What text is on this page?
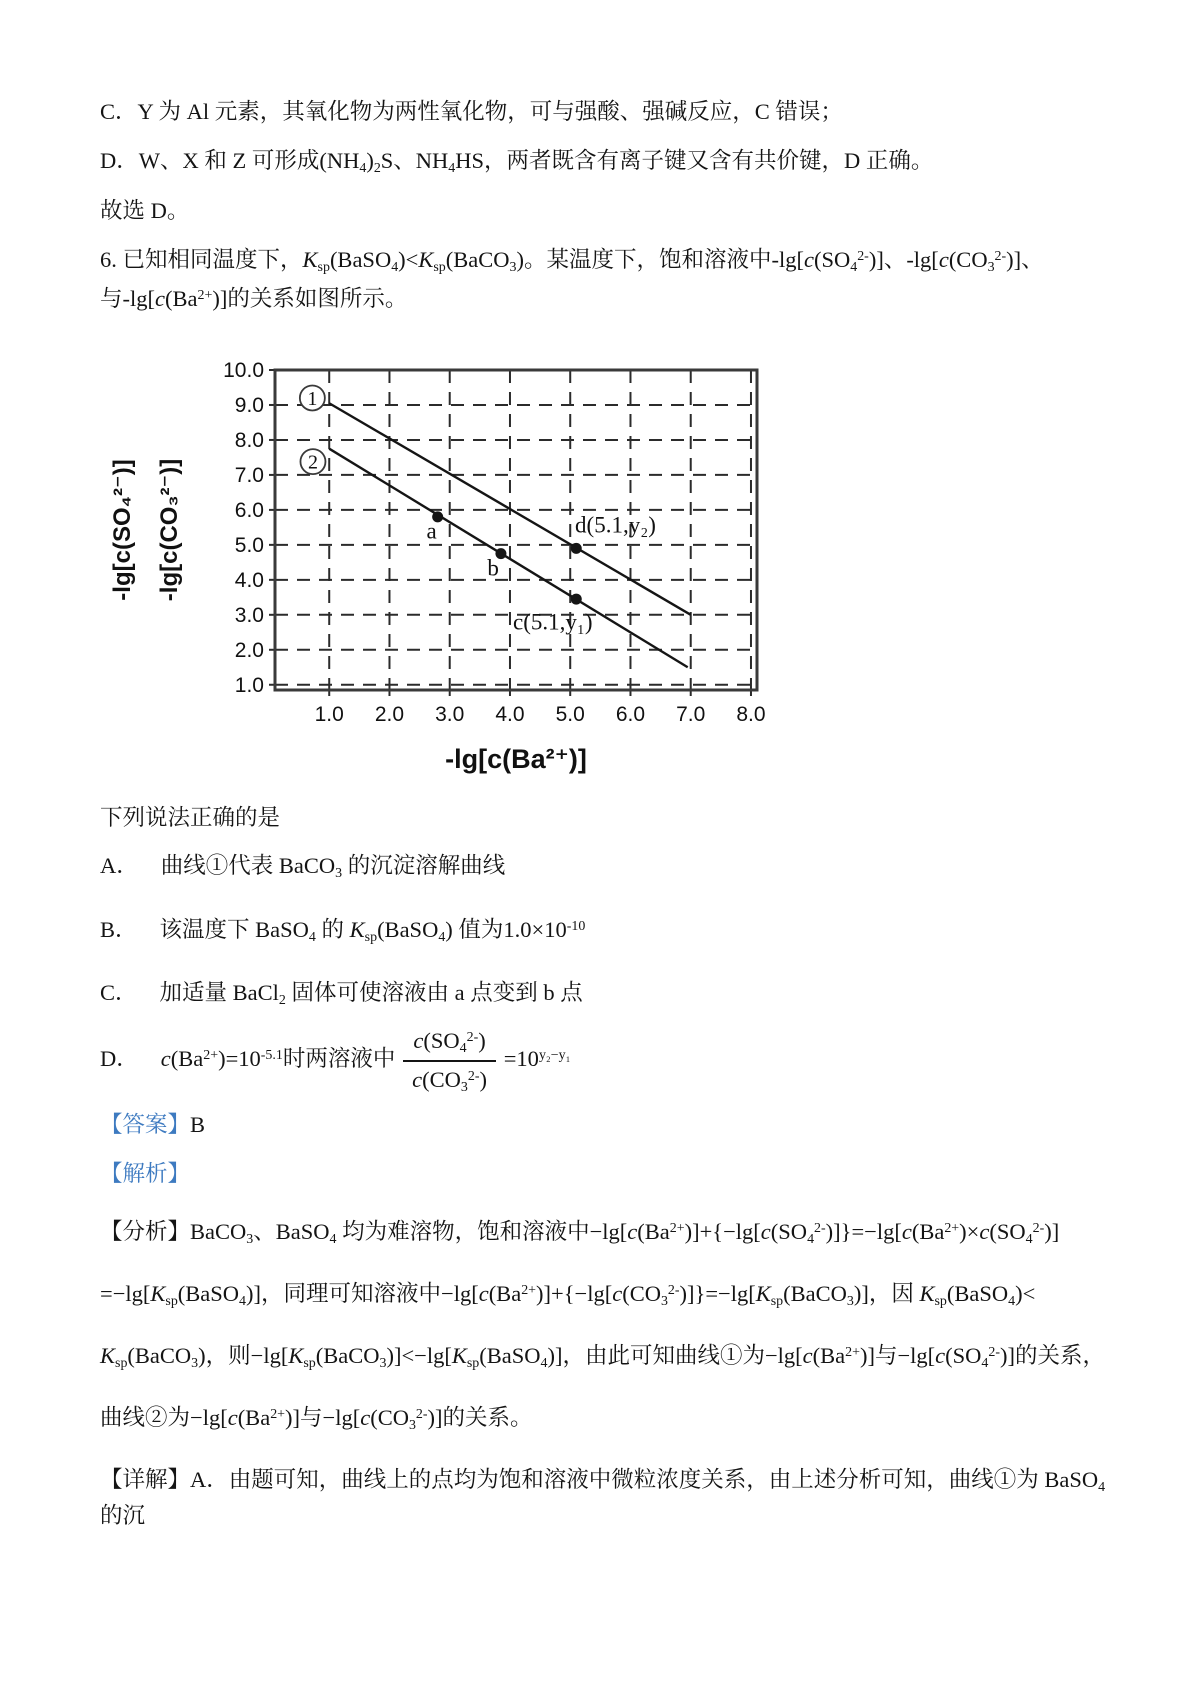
C．Y 为 Al 元素，其氧化物为两性氧化物，可与强酸、强碱反应，C 错误；

D．W、X 和 Z 可形成$(NH_4)_2S$、$NH_4HS$，两者既含有离子键又含有共价键，D 正确。

故选 D。

6. 已知相同温度下，$K_{sp}(BaSO_4)<K_{sp}(BaCO_3)$。某温度下，饱和溶液中$-\lg[c(SO_4^{2-})]$、$-\lg[c(CO_3^{2-})]$、

与$-\lg[c(Ba^{2+})]$的关系如图所示。

1.0 2.0 3.0 4.0 5.0 6.0 7.0 8.0
1.0
2.0
3.0
4.0
5.0
6.0
7.0
8.0
9.0
10.0
1
2
a
b
d(5.1,y₂)
c(5.1,y₁)
-lg[c(SO₄²⁻)] -lg[c(CO₃²⁻)]
-lg[c(Ba²⁺)]

下列说法正确的是

A． 曲线①代表 BaCO$_3$ 的沉淀溶解曲线
B． 该温度下 BaSO$_4$ 的 $K_{sp}(BaSO_4)$ 值为$1.0\times 10^{-10}$
C． 加适量 BaCl$_2$ 固体可使溶液由 a 点变到 b 点
D． $c(Ba^{2+})=10^{-5.1}$时两溶液中 $\frac{c(SO_4^{2-})}{c(CO_3^{2-})} =10^{y_2-y_1}$

【答案】B

【解析】

【分析】BaCO$_3$、BaSO$_4$ 均为难溶物，饱和溶液中$-\lg[c(Ba^{2+})]+\{-\lg[c(SO_4^{2-})]\}=-\lg[c(Ba^{2+})\times c(SO_4^{2-})]$

$=-\lg[K_{sp}(BaSO_4)]$，同理可知溶液中$-\lg[c(Ba^{2+})]+\{-\lg[c(CO_3^{2-})]\}=-\lg[K_{sp}(BaCO_3)]$，因 $K_{sp}(BaSO_4)<$

$K_{sp}(BaCO_3)$，则$-\lg[K_{sp}(BaCO_3)]<-\lg[K_{sp}(BaSO_4)]$，由此可知曲线①为$-\lg[c(Ba^{2+})]$与$-\lg[c(SO_4^{2-})]$的关系，

曲线②为$-\lg[c(Ba^{2+})]$与$-\lg[c(CO_3^{2-})]$的关系。

【详解】A．由题可知，曲线上的点均为饱和溶液中微粒浓度关系，由上述分析可知，曲线①为 BaSO$_4$ 的沉
